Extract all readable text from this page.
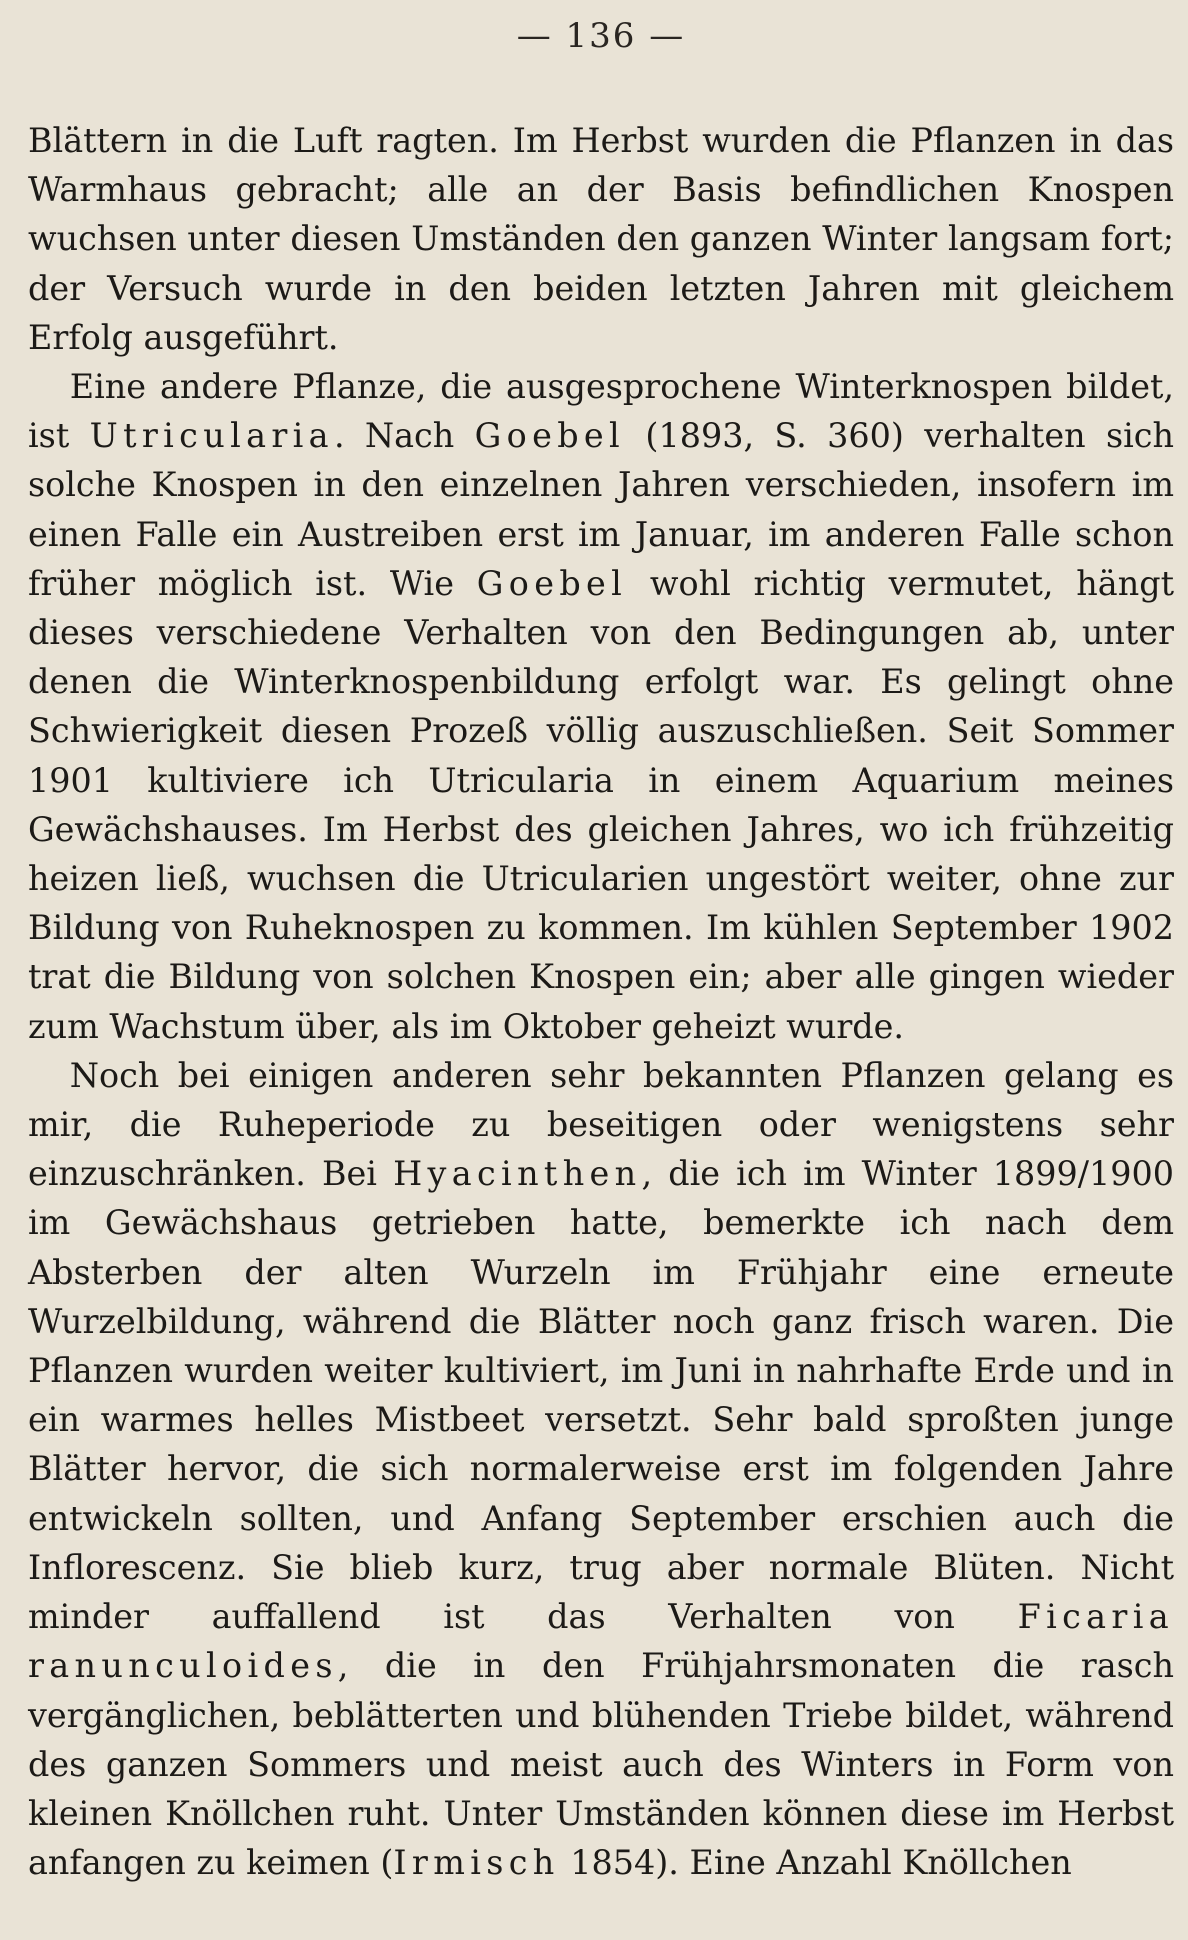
— 136 —

Blättern in die Luft ragten. Im Herbst wurden die Pflanzen in das Warmhaus gebracht; alle an der Basis befindlichen Knospen wuchsen unter diesen Umständen den ganzen Winter langsam fort; der Versuch wurde in den beiden letzten Jahren mit gleichem Erfolg ausgeführt.

Eine andere Pflanze, die ausgesprochene Winterknospen bildet, ist Utricularia. Nach Goebel (1893, S. 360) verhalten sich solche Knospen in den einzelnen Jahren verschieden, insofern im einen Falle ein Austreiben erst im Januar, im anderen Falle schon früher möglich ist. Wie Goebel wohl richtig vermutet, hängt dieses verschiedene Verhalten von den Bedingungen ab, unter denen die Winterknospenbildung erfolgt war. Es gelingt ohne Schwierigkeit diesen Prozeß völlig auszuschließen. Seit Sommer 1901 kultiviere ich Utricularia in einem Aquarium meines Gewächshauses. Im Herbst des gleichen Jahres, wo ich frühzeitig heizen ließ, wuchsen die Utricularien ungestört weiter, ohne zur Bildung von Ruheknospen zu kommen. Im kühlen September 1902 trat die Bildung von solchen Knospen ein; aber alle gingen wieder zum Wachstum über, als im Oktober geheizt wurde.

Noch bei einigen anderen sehr bekannten Pflanzen gelang es mir, die Ruheperiode zu beseitigen oder wenigstens sehr einzuschränken. Bei Hyacinthen, die ich im Winter 1899/1900 im Gewächshaus getrieben hatte, bemerkte ich nach dem Absterben der alten Wurzeln im Frühjahr eine erneute Wurzelbildung, während die Blätter noch ganz frisch waren. Die Pflanzen wurden weiter kultiviert, im Juni in nahrhafte Erde und in ein warmes helles Mistbeet versetzt. Sehr bald sproßten junge Blätter hervor, die sich normalerweise erst im folgenden Jahre entwickeln sollten, und Anfang September erschien auch die Infloresсenz. Sie blieb kurz, trug aber normale Blüten. Nicht minder auffallend ist das Verhalten von Ficaria ranunculoides, die in den Frühjahrsmonaten die rasch vergänglichen, beblätterten und blühenden Triebe bildet, während des ganzen Sommers und meist auch des Winters in Form von kleinen Knöllchen ruht. Unter Umständen können diese im Herbst anfangen zu keimen (Irmisch 1854). Eine Anzahl Knöllchen
